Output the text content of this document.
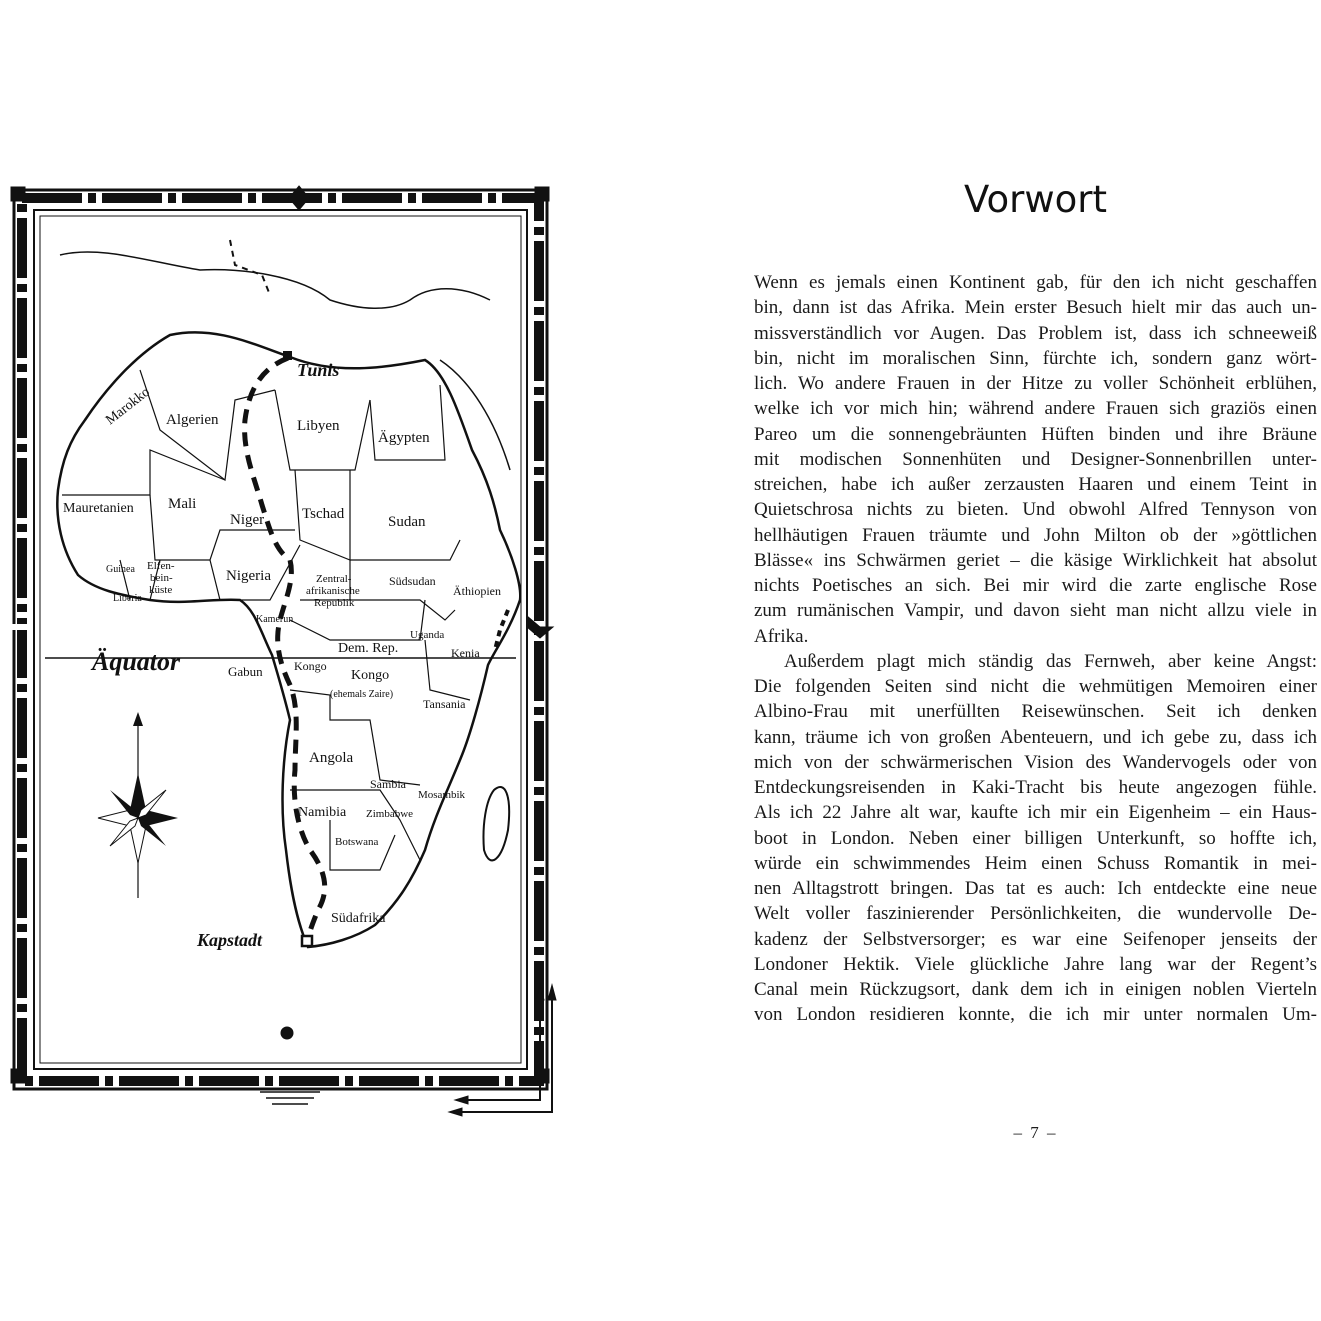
Marokko Algerien	Libyen
Ägypten
Mauretanien Mali
Niger	Tschad	Sudan
Guinea Elfen-
bein-
küste
Liberia
Nigeria	Zentral-
afrikanische
Republik
Südsudan
Äthiopien
Kamerun
Uganda
Dem. Rep.	Kenia
Gabun	Kongo
Kongo
(ehemals Zaire)
Tansania
Angola
Sambia
Mosambik
Namibia Zimbabwe
Botswana
Südafrika
Tunis
Kapstadt
Äquator
Vorwort
Wenn es jemals einen Kontinent gab, für den ich nicht geschaffen
bin, dann ist das Afrika. Mein erster Besuch hielt mir das auch un-
missverständlich vor Augen. Das Problem ist, dass ich schneeweiß
bin, nicht im moralischen Sinn, fürchte ich, sondern ganz wört-
lich. Wo andere Frauen in der Hitze zu voller Schönheit erblühen,
welke ich vor mich hin; während andere Frauen sich graziös einen
Pareo um die sonnengebräunten Hüften binden und ihre Bräune
mit modischen Sonnenhüten und Designer-Sonnenbrillen unter-
streichen, habe ich außer zerzausten Haaren und einem Teint in
Quietschrosa nichts zu bieten. Und obwohl Alfred Tennyson von
hellhäutigen Frauen träumte und John Milton ob der »göttlichen
Blässe« ins Schwärmen geriet – die käsige Wirklichkeit hat absolut
nichts Poetisches an sich. Bei mir wird die zarte englische Rose
zum rumänischen Vampir, und davon sieht man nicht allzu viele in
Afrika.
Außerdem plagt mich ständig das Fernweh, aber keine Angst:
Die folgenden Seiten sind nicht die wehmütigen Memoiren einer
Albino-Frau mit unerfüllten Reisewünschen. Seit ich denken
kann, träume ich von großen Abenteuern, und ich gebe zu, dass ich
mich von der schwärmerischen Vision des Wandervogels oder von
Entdeckungsreisenden in Kaki-Tracht bis heute angezogen fühle.
Als ich 22 Jahre alt war, kaufte ich mir ein Eigenheim – ein Haus-
boot in London. Neben einer billigen Unterkunft, so hoffte ich,
würde ein schwimmendes Heim einen Schuss Romantik in mei-
nen Alltagstrott bringen. Das tat es auch: Ich entdeckte eine neue
Welt voller faszinierender Persönlichkeiten, die wundervolle De-
kadenz der Selbstversorger; es war eine Seifenoper jenseits der
Londoner Hektik. Viele glückliche Jahre lang war der Regent’s
Canal mein Rückzugsort, dank dem ich in einigen noblen Vierteln
von London residieren konnte, die ich mir unter normalen Um-
– 7 –
